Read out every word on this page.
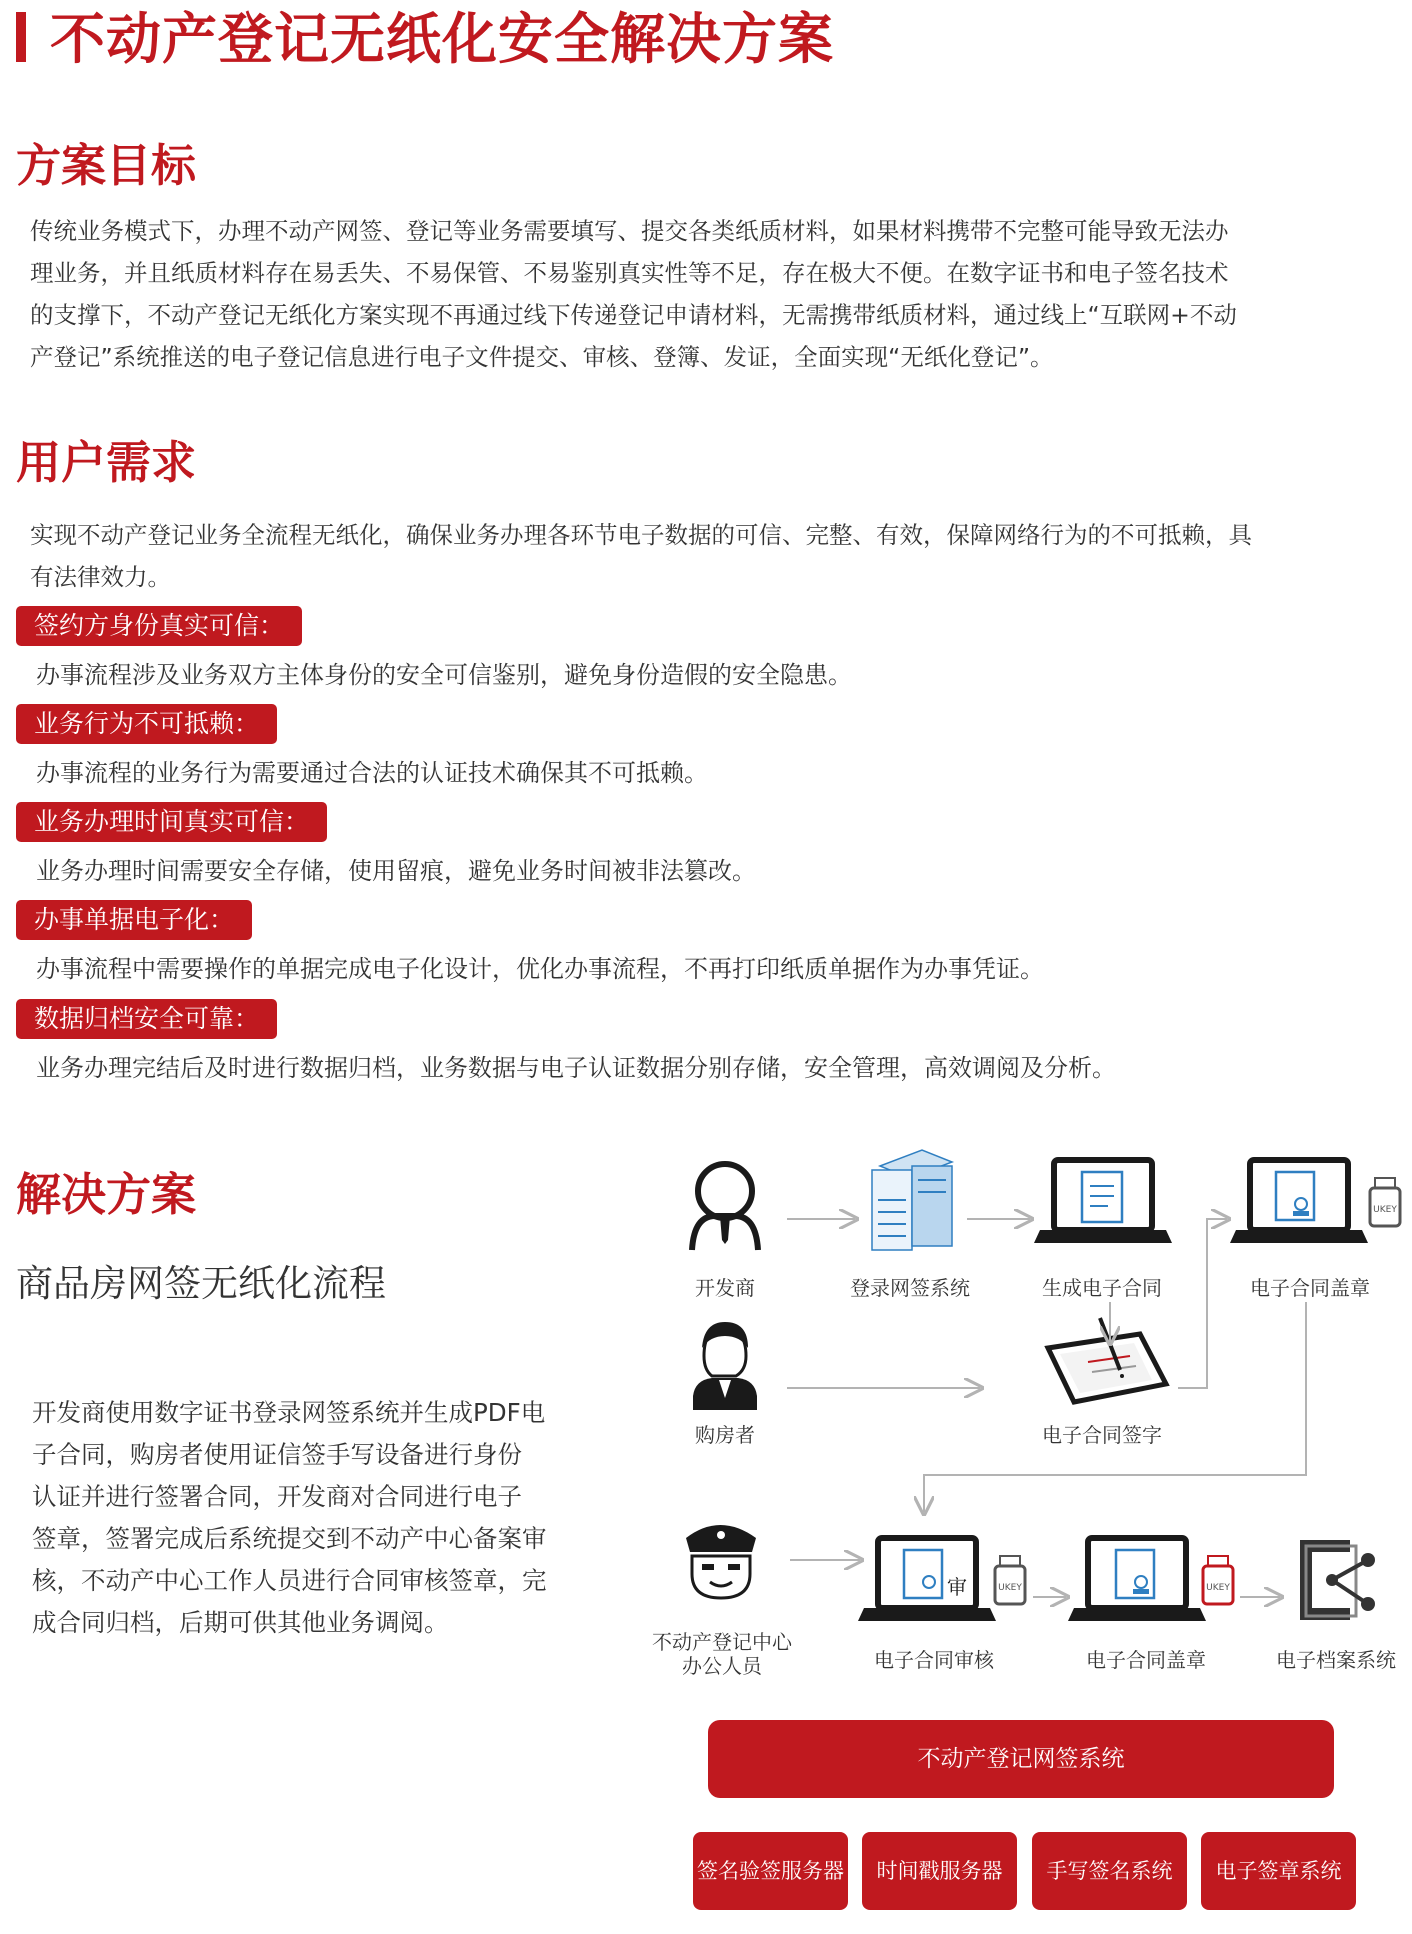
不动产登记无纸化安全解决方案
方案目标
传统业务模式下，办理不动产网签、登记等业务需要填写、提交各类纸质材料，如果材料携带不完整可能导致无法办
理业务，并且纸质材料存在易丢失、不易保管、不易鉴别真实性等不足，存在极大不便。在数字证书和电子签名技术
的支撑下，不动产登记无纸化方案实现不再通过线下传递登记申请材料，无需携带纸质材料，通过线上“互联网+不动
产登记”系统推送的电子登记信息进行电子文件提交、审核、登簿、发证，全面实现“无纸化登记”。
用户需求
实现不动产登记业务全流程无纸化，确保业务办理各环节电子数据的可信、完整、有效，保障网络行为的不可抵赖，具
有法律效力。
签约方身份真实可信：
办事流程涉及业务双方主体身份的安全可信鉴别，避免身份造假的安全隐患。
业务行为不可抵赖：
办事流程的业务行为需要通过合法的认证技术确保其不可抵赖。
业务办理时间真实可信：
业务办理时间需要安全存储，使用留痕，避免业务时间被非法篡改。
办事单据电子化：
办事流程中需要操作的单据完成电子化设计，优化办事流程，不再打印纸质单据作为办事凭证。
数据归档安全可靠：
业务办理完结后及时进行数据归档，业务数据与电子认证数据分别存储，安全管理，高效调阅及分析。
解决方案
商品房网签无纸化流程
开发商使用数字证书登录网签系统并生成PDF电
子合同，购房者使用证信签手写设备进行身份
认证并进行签署合同，开发商对合同进行电子
签章，签署完成后系统提交到不动产中心备案审
核，不动产中心工作人员进行合同审核签章，完
成合同归档，后期可供其他业务调阅。
UKEY
审	UKEY	UKEY
开发商	登录网签系统	生成电子合同	电子合同盖章
购房者	电子合同签字
不动产登记中心
办公人员	电子合同审核	电子合同盖章	电子档案系统
不动产登记网签系统
签名验签服务器	时间戳服务器	手写签名系统	电子签章系统
